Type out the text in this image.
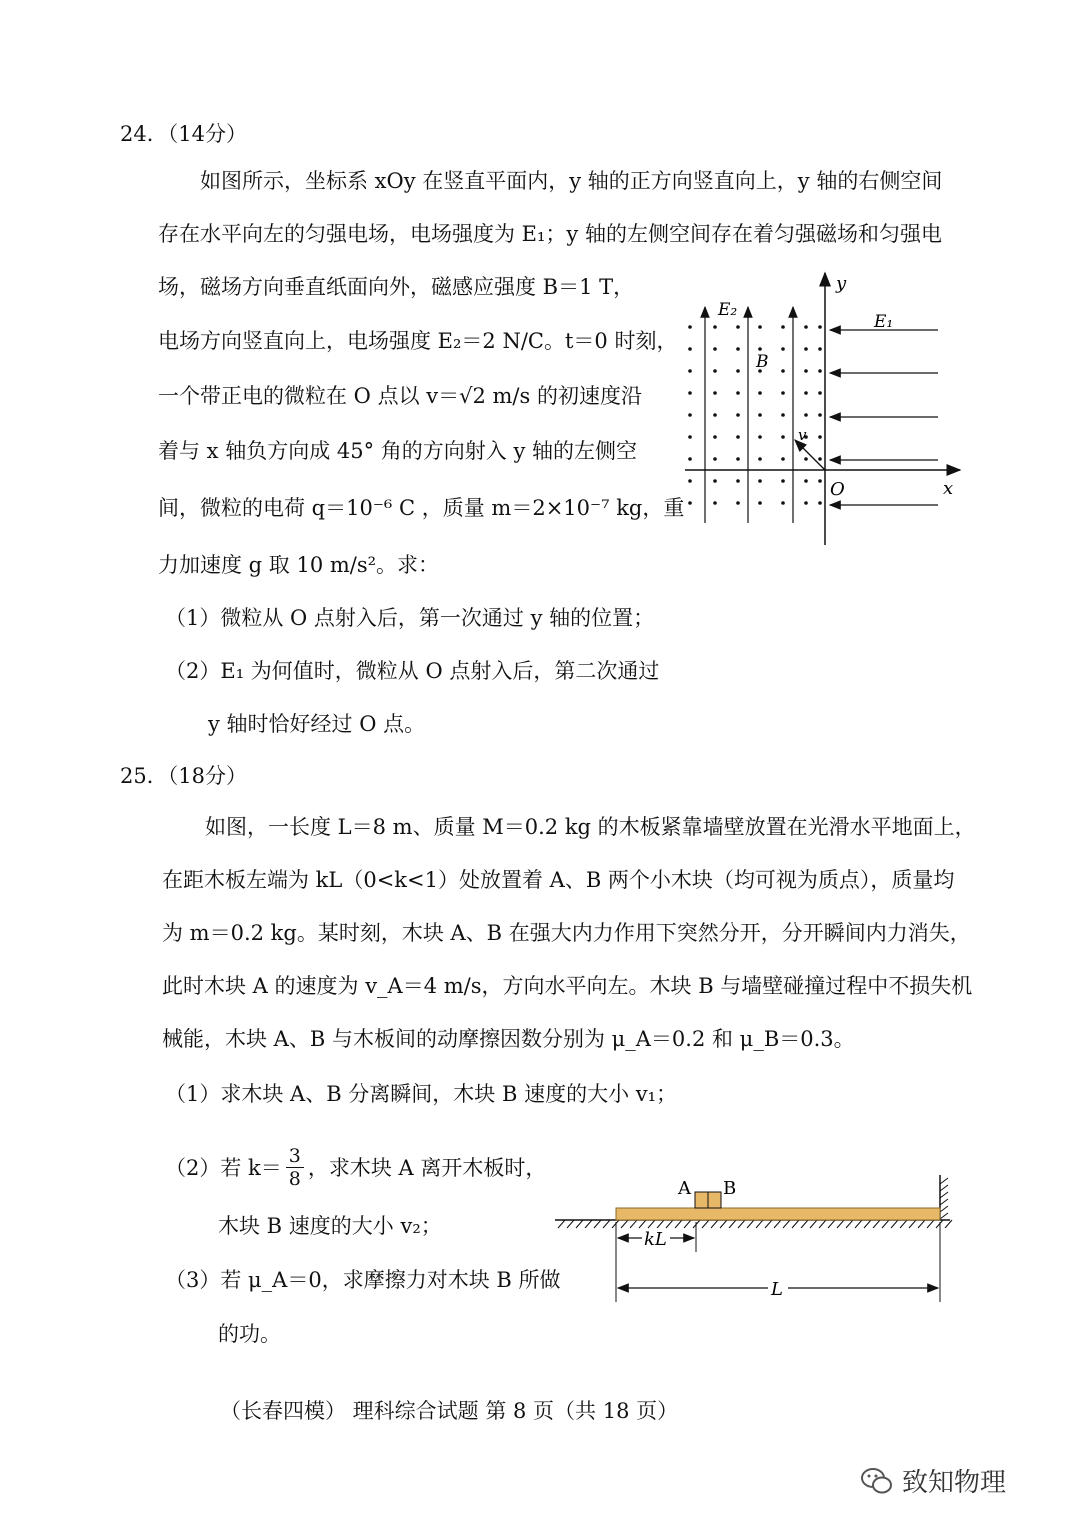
24．（14分）
如图所示，坐标系 xOy 在竖直平面内，y 轴的正方向竖直向上，y 轴的右侧空间
存在水平向左的匀强电场，电场强度为 E₁；y 轴的左侧空间存在着匀强磁场和匀强电
场，磁场方向垂直纸面向外，磁感应强度 B＝1 T，
电场方向竖直向上，电场强度 E₂＝2 N/C。t＝0 时刻，
一个带正电的微粒在 O 点以 v＝√2 m/s 的初速度沿
着与 x 轴负方向成 45° 角的方向射入 y 轴的左侧空
间，微粒的电荷 q＝10⁻⁶ C ，质量 m＝2×10⁻⁷ kg，重
力加速度 g 取 10 m/s²。求：
（1）微粒从 O 点射入后，第一次通过 y 轴的位置；
（2）E₁ 为何值时，微粒从 O 点射入后，第二次通过
y 轴时恰好经过 O 点。
y
x
O
E₁
E₂
B
v
25．（18分）
如图，一长度 L＝8 m、质量 M＝0.2 kg 的木板紧靠墙壁放置在光滑水平地面上，
在距木板左端为 kL（0<k<1）处放置着 A、B 两个小木块（均可视为质点），质量均
为 m＝0.2 kg。某时刻，木块 A、B 在强大内力作用下突然分开，分开瞬间内力消失，
此时木块 A 的速度为 v_A＝4 m/s，方向水平向左。木块 B 与墙壁碰撞过程中不损失机
械能，木块 A、B 与木板间的动摩擦因数分别为 μ_A＝0.2 和 μ_B＝0.3。
（1）求木块 A、B 分离瞬间，木块 B 速度的大小 v₁；
（2）若 $k= \frac{3}{8}$ ，求木块 A 离开木板时，
木块 B 速度的大小 v₂；
（3）若 μ_A＝0，求摩擦力对木块 B 所做
的功。
A B
kL
L
（长春四模） 理科综合试题 第 8 页（共 18 页）
致知物理
